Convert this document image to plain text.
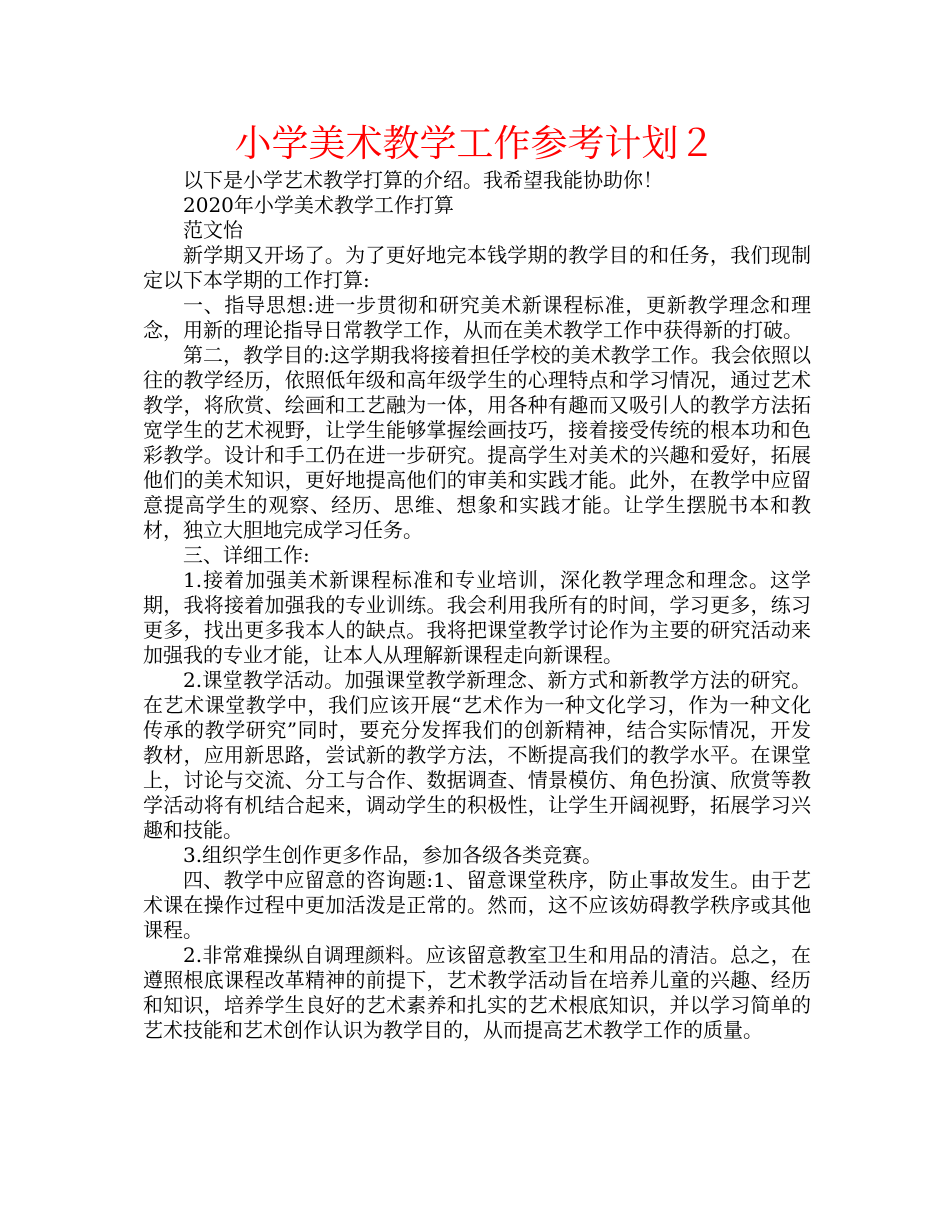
小学美术教学工作参考计划２

以下是小学艺术教学打算的介绍。我希望我能协助你！

2020年小学美术教学工作打算

范文怡

新学期又开场了。为了更好地完本钱学期的教学目的和任务，我们现制定以下本学期的工作打算:

一、指导思想:进一步贯彻和研究美术新课程标准，更新教学理念和理念，用新的理论指导日常教学工作，从而在美术教学工作中获得新的打破。

第二，教学目的:这学期我将接着担任学校的美术教学工作。我会依照以往的教学经历，依照低年级和高年级学生的心理特点和学习情况，通过艺术教学，将欣赏、绘画和工艺融为一体，用各种有趣而又吸引人的教学方法拓宽学生的艺术视野，让学生能够掌握绘画技巧，接着接受传统的根本功和色彩教学。设计和手工仍在进一步研究。提高学生对美术的兴趣和爱好，拓展他们的美术知识，更好地提高他们的审美和实践才能。此外，在教学中应留意提高学生的观察、经历、思维、想象和实践才能。让学生摆脱书本和教材，独立大胆地完成学习任务。

三、详细工作:

1.接着加强美术新课程标准和专业培训，深化教学理念和理念。这学期，我将接着加强我的专业训练。我会利用我所有的时间，学习更多，练习更多，找出更多我本人的缺点。我将把课堂教学讨论作为主要的研究活动来加强我的专业才能，让本人从理解新课程走向新课程。

2.课堂教学活动。加强课堂教学新理念、新方式和新教学方法的研究。在艺术课堂教学中，我们应该开展“艺术作为一种文化学习，作为一种文化传承的教学研究”同时，要充分发挥我们的创新精神，结合实际情况，开发教材，应用新思路，尝试新的教学方法，不断提高我们的教学水平。在课堂上，讨论与交流、分工与合作、数据调查、情景模仿、角色扮演、欣赏等教学活动将有机结合起来，调动学生的积极性，让学生开阔视野，拓展学习兴趣和技能。

3.组织学生创作更多作品，参加各级各类竞赛。

四、教学中应留意的咨询题:1、留意课堂秩序，防止事故发生。由于艺术课在操作过程中更加活泼是正常的。然而，这不应该妨碍教学秩序或其他课程。

2.非常难操纵自调理颜料。应该留意教室卫生和用品的清洁。总之，在遵照根底课程改革精神的前提下，艺术教学活动旨在培养儿童的兴趣、经历和知识，培养学生良好的艺术素养和扎实的艺术根底知识，并以学习简单的艺术技能和艺术创作认识为教学目的，从而提高艺术教学工作的质量。
